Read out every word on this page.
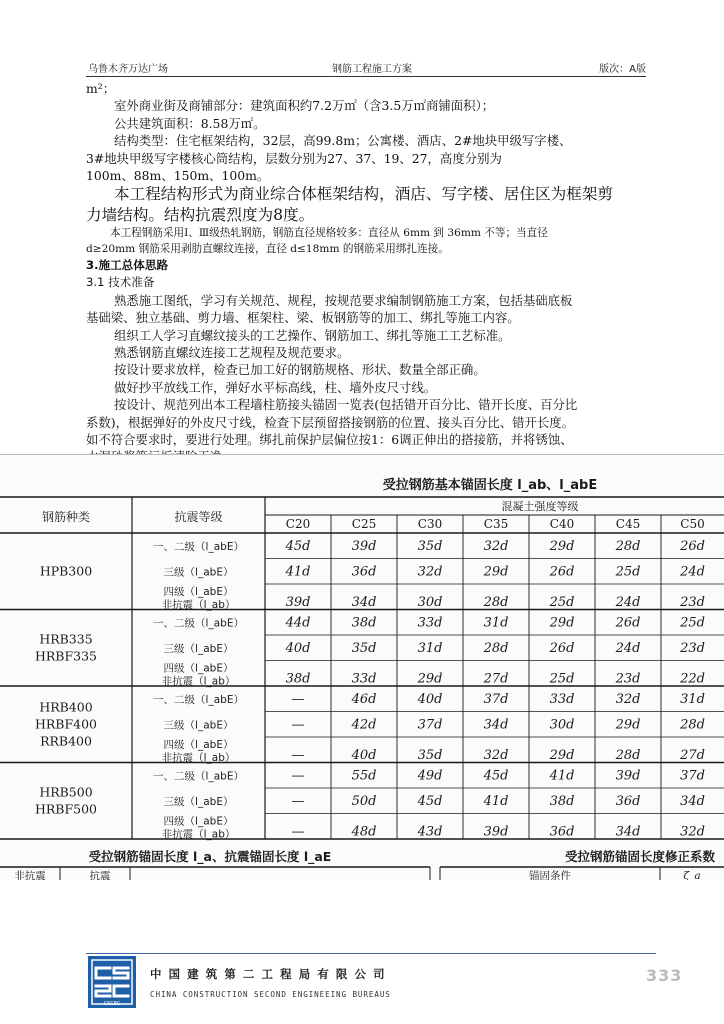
乌鲁木齐万达广场	钢筋工程施工方案	版次：A版
m²；
室外商业街及商铺部分：建筑面积约7.2万㎡（含3.5万㎡商铺面积）；
公共建筑面积：8.58万㎡。
结构类型：住宅框架结构，32层，高99.8m；公寓楼、酒店、2#地块甲级写字楼、
3#地块甲级写字楼核心筒结构，层数分别为27、37、19、27，高度分别为
100m、88m、150m、100m。
本工程结构形式为商业综合体框架结构，酒店、写字楼、居住区为框架剪
力墙结构。结构抗震烈度为8度。
本工程钢筋采用Ⅰ、Ⅲ级热轧钢筋，钢筋直径规格较多：直径从 6mm 到 36mm 不等；当直径
d≥20mm 钢筋采用剥肋直螺纹连接，直径 d≤18mm 的钢筋采用绑扎连接。
3.施工总体思路
3.1 技术准备
熟悉施工图纸，学习有关规范、规程，按规范要求编制钢筋施工方案，包括基础底板
基础梁、独立基础、剪力墙、框架柱、梁、板钢筋等的加工、绑扎等施工内容。
组织工人学习直螺纹接头的工艺操作、钢筋加工、绑扎等施工工艺标准。
熟悉钢筋直螺纹连接工艺规程及规范要求。
按设计要求放样，检查已加工好的钢筋规格、形状、数量全部正确。
做好抄平放线工作，弹好水平标高线，柱、墙外皮尺寸线。
按设计、规范列出本工程墙柱筋接头锚固一览表(包括错开百分比、错开长度、百分比
系数)，根据弹好的外皮尺寸线，检查下层预留搭接钢筋的位置、接头百分比、错开长度。
如不符合要求时，要进行处理。绑扎前保护层偏位按1：6调正伸出的搭接筋，并将锈蚀、
受拉钢筋基本锚固长度 l_ab、l_abE
钢筋种类	抗震等级
混凝土强度等级
C20	C25	C30	C35	C40	C45	C50
HPB300
一、二级（l_abE）	45d	39d	35d	32d	29d	28d	26d
三级（l_abE）	41d	36d	32d	29d	26d	25d	24d
四级（l_abE）
非抗震（l_ab）	39d	34d	30d	28d	25d	24d	23d
HRB335
HRBF335
一、二级（l_abE）	44d	38d	33d	31d	29d	26d	25d
三级（l_abE）	40d	35d	31d	28d	26d	24d	23d
四级（l_abE）
非抗震（l_ab）	38d	33d	29d	27d	25d	23d	22d
HRB400
HRBF400
RRB400
一、二级（l_abE）	—	46d	40d	37d	33d	32d	31d
三级（l_abE）	—	42d	37d	34d	30d	29d	28d
四级（l_abE）
非抗震（l_ab）	—	40d	35d	32d	29d	28d	27d
HRB500
HRBF500
一、二级（l_abE）	—	55d	49d	45d	41d	39d	37d
三级（l_abE）	—	50d	45d	41d	38d	36d	34d
四级（l_abE）
非抗震（l_ab）	—	48d	43d	39d	36d	34d	32d
受拉钢筋锚固长度 l_a、抗震锚固长度 l_aE	受拉钢筋锚固长度修正系数
非抗震	抗震	锚固条件	ζ_a
CSCEC
中国建筑第二工程局有限公司
CHINA CONSTRUCTION SECOND ENGINEEING BUREAUS
333
